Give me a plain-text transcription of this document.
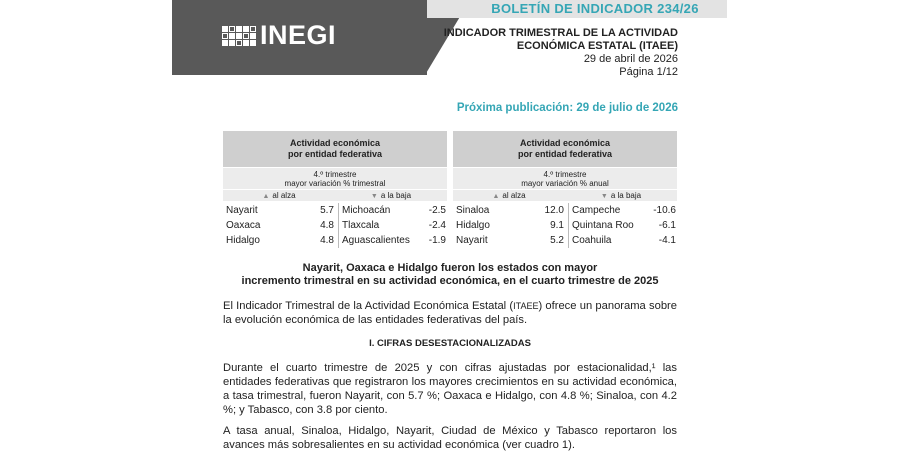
BOLETÍN DE INDICADOR 234/26
INEGI	INDICADOR TRIMESTRAL DE LA ACTIVIDAD
ECONÓMICA ESTATAL (ITAEE)
29 de abril de 2026
Página 1/12
Próxima publicación: 29 de julio de 2026
Actividad económica
por entidad federativa
4.º trimestre
mayor variación % trimestral
▲ al alza	▼ a la baja
Nayarit	5.7 Michoacán	-2.5
Oaxaca	4.8 Tlaxcala	-2.4
Hidalgo	4.8 Aguascalientes	-1.9
Actividad económica
por entidad federativa
4.º trimestre
mayor variación % anual
▲ al alza	▼ a la baja
Sinaloa	12.0 Campeche	-10.6
Hidalgo	9.1 Quintana Roo	-6.1
Nayarit	5.2 Coahuila	-4.1
Nayarit, Oaxaca e Hidalgo fueron los estados con mayor
incremento trimestral en su actividad económica, en el cuarto trimestre de 2025
El Indicador Trimestral de la Actividad Económica Estatal (ITAEE) ofrece un panorama sobre la evolución económica de las entidades federativas del país.
I. CIFRAS DESESTACIONALIZADAS
Durante el cuarto trimestre de 2025 y con cifras ajustadas por estacionalidad,¹ las entidades federativas que registraron los mayores crecimientos en su actividad económica, a tasa trimestral, fueron Nayarit, con 5.7 %; Oaxaca e Hidalgo, con 4.8 %; Sinaloa, con 4.2 %; y Tabasco, con 3.8 por ciento.
A tasa anual, Sinaloa, Hidalgo, Nayarit, Ciudad de México y Tabasco reportaron los avances más sobresalientes en su actividad económica (ver cuadro 1).
